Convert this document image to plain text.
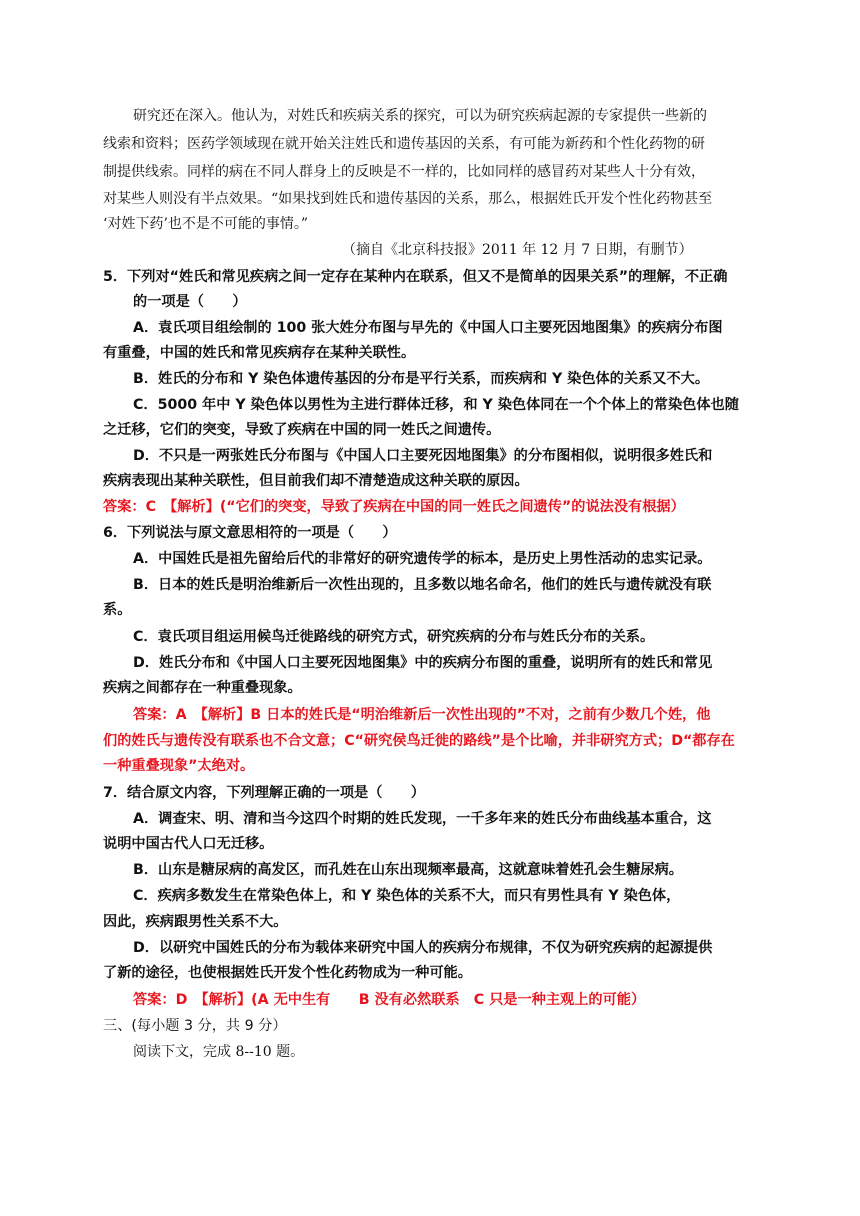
研究还在深入。他认为，对姓氏和疾病关系的探究，可以为研究疾病起源的专家提供一些新的
线索和资料；医药学领域现在就开始关注姓氏和遗传基因的关系，有可能为新药和个性化药物的研
制提供线索。同样的病在不同人群身上的反映是不一样的，比如同样的感冒药对某些人十分有效，
对某些人则没有半点效果。“如果找到姓氏和遗传基因的关系，那么，根据姓氏开发个性化药物甚至
‘对姓下药’也不是不可能的事情。”
（摘自《北京科技报》2011 年 12 月 7 日期，有删节）
5．下列对“姓氏和常见疾病之间一定存在某种内在联系，但又不是简单的因果关系”的理解，不正确
的一项是（　　）
A．袁氏项目组绘制的 100 张大姓分布图与早先的《中国人口主要死因地图集》的疾病分布图
有重叠，中国的姓氏和常见疾病存在某种关联性。
B．姓氏的分布和 Y 染色体遗传基因的分布是平行关系，而疾病和 Y 染色体的关系又不大。
C．5000 年中 Y 染色体以男性为主进行群体迁移，和 Y 染色体同在一个个体上的常染色体也随
之迁移，它们的突变，导致了疾病在中国的同一姓氏之间遗传。
D．不只是一两张姓氏分布图与《中国人口主要死因地图集》的分布图相似，说明很多姓氏和
疾病表现出某种关联性，但目前我们却不清楚造成这种关联的原因。
答案：C　【解析】(“它们的突变，导致了疾病在中国的同一姓氏之间遗传”的说法没有根据）
6．下列说法与原文意思相符的一项是（　　）
A．中国姓氏是祖先留给后代的非常好的研究遗传学的标本，是历史上男性活动的忠实记录。
B．日本的姓氏是明治维新后一次性出现的，且多数以地名命名，他们的姓氏与遗传就没有联
系。
C．袁氏项目组运用候鸟迁徙路线的研究方式，研究疾病的分布与姓氏分布的关系。
D．姓氏分布和《中国人口主要死因地图集》中的疾病分布图的重叠，说明所有的姓氏和常见
疾病之间都存在一种重叠现象。
答案：A　【解析】B 日本的姓氏是“明治维新后一次性出现的”不对，之前有少数几个姓，他
们的姓氏与遗传没有联系也不合文意；C“研究侯鸟迁徙的路线”是个比喻，并非研究方式；D“都存在
一种重叠现象”太绝对。
7．结合原文内容，下列理解正确的一项是（　　）
A．调查宋、明、清和当今这四个时期的姓氏发现，一千多年来的姓氏分布曲线基本重合，这
说明中国古代人口无迁移。
B．山东是糖尿病的高发区，而孔姓在山东出现频率最高，这就意味着姓孔会生糖尿病。
C．疾病多数发生在常染色体上，和 Y 染色体的关系不大，而只有男性具有 Y 染色体，
因此，疾病跟男性关系不大。
D．以研究中国姓氏的分布为载体来研究中国人的疾病分布规律，不仅为研究疾病的起源提供
了新的途径，也使根据姓氏开发个性化药物成为一种可能。
答案：D　【解析】(A 无中生有　　B 没有必然联系　C 只是一种主观上的可能）
三、(每小题 3 分，共 9 分）
阅读下文，完成 8--10 题。
